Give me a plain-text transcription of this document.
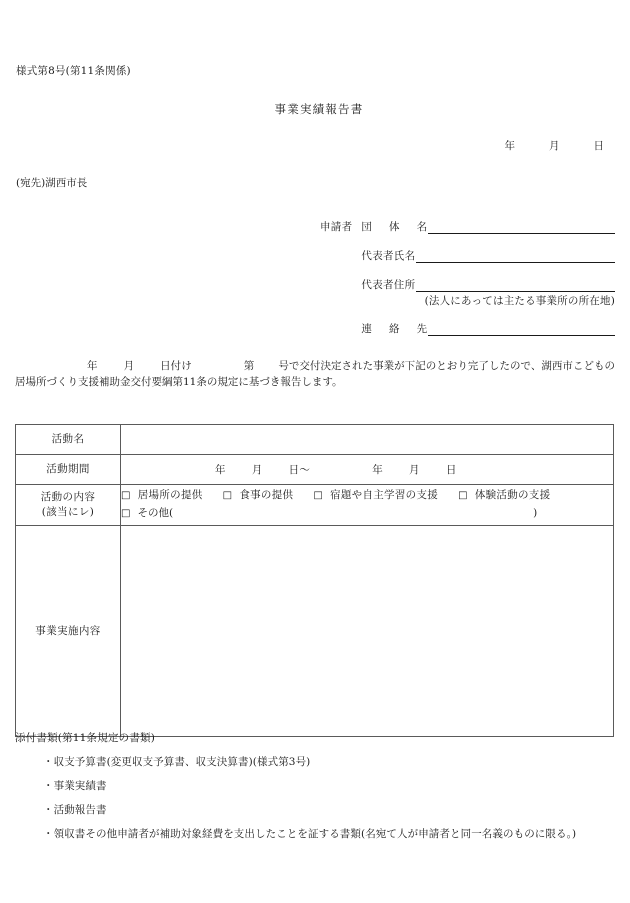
様式第8号(第11条関係)
事業実績報告書
年	月	日
(宛先)湖西市長
申請者 団 体 名
代表者氏名
代表者住所
(法人にあっては主たる事業所の所在地)
連 絡 先
年 月 日付け	第 号で交付決定された事業が下記のとおり完了したので、湖西市こどもの居場所づくり支援補助金交付要綱第11条の規定に基づき報告します。
活動名	
活動期間	年 月 日〜 年 月 日
活動の内容
(該当にレ)	
□ 居場所の提供 □ 食事の提供 □ 宿題や自主学習の支援 □ 体験活動の支援
□ その他(	)

事業実施内容	
添付書類(第11条規定の書類)
・収支予算書(変更収支予算書、収支決算書)(様式第3号)
・事業実績書
・活動報告書
・領収書その他申請者が補助対象経費を支出したことを証する書類(名宛て人が申請者と同一名義のものに限る。)
